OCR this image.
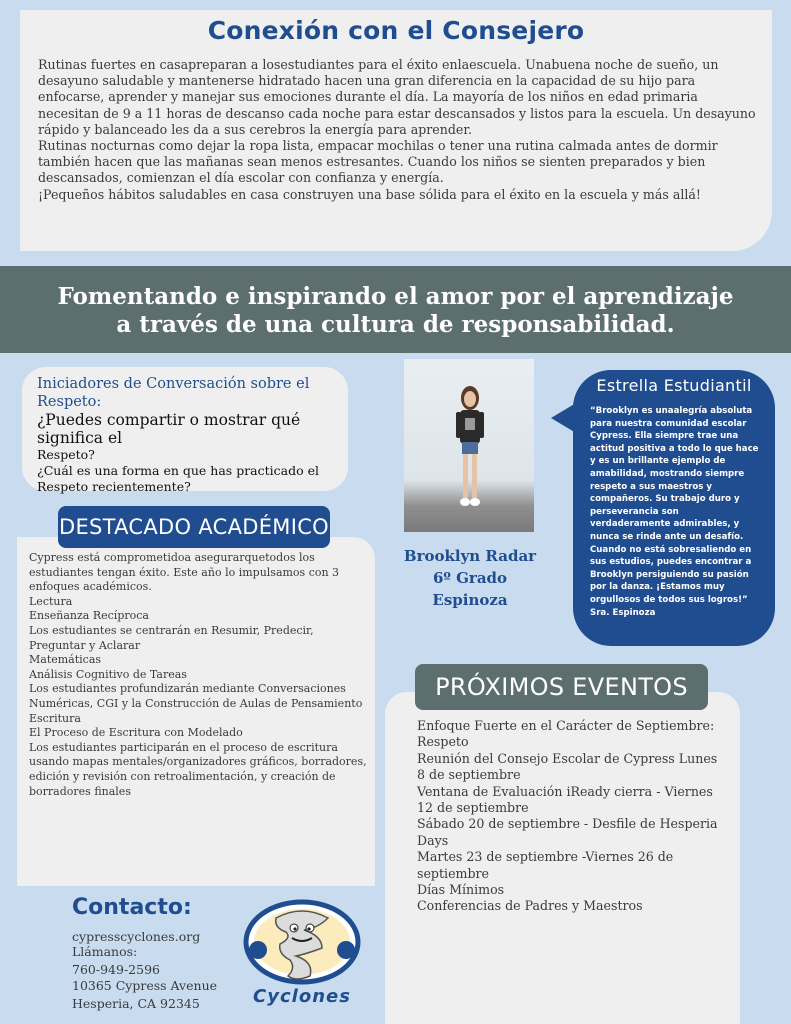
Conexión con el Consejero

Rutinas fuertes en casapreparan a losestudiantes para el éxito enlaescuela. Unabuena noche de sueño, un desayuno saludable y mantenerse hidratado hacen una gran diferencia en la capacidad de su hijo para enfocarse, aprender y manejar sus emociones durante el día. La mayoría de los niños en edad primaria necesitan de 9 a 11 horas de descanso cada noche para estar descansados y listos para la escuela. Un desayuno rápido y balanceado les da a sus cerebros la energía para aprender.

Rutinas nocturnas como dejar la ropa lista, empacar mochilas o tener una rutina calmada antes de dormir también hacen que las mañanas sean menos estresantes. Cuando los niños se sienten preparados y bien descansados, comienzan el día escolar con confianza y energía.

¡Pequeños hábitos saludables en casa construyen una base sólida para el éxito en la escuela y más allá!

Fomentando e inspirando el amor por el aprendizaje
a través de una cultura de responsabilidad.
Iniciadores de Conversación sobre el Respeto:
¿Puedes compartir o mostrar qué significa el
Respeto?
¿Cuál es una forma en que has practicado el Respeto recientemente?
Brooklyn Radar
6º Grado
Espinoza
Estrella Estudiantil
“Brooklyn es unaalegría absoluta para nuestra comunidad escolar Cypress. Ella siempre trae una actitud positiva a todo lo que hace y es un brillante ejemplo de amabilidad, mostrando siempre respeto a sus maestros y compañeros. Su trabajo duro y perseverancia son verdaderamente admirables, y nunca se rinde ante un desafío. Cuando no está sobresaliendo en sus estudios, puedes encontrar a Brooklyn persiguiendo su pasión por la danza. ¡Estamos muy orgullosos de todos sus logros!”
Sra. Espinoza
DESTACADO ACADÉMICO
Cypress está comprometidoa asegurarquetodos los estudiantes tengan éxito. Este año lo impulsamos con 3 enfoques académicos.
Lectura
Enseñanza Recíproca
Los estudiantes se centrarán en Resumir, Predecir, Preguntar y Aclarar
Matemáticas
Análisis Cognitivo de Tareas
Los estudiantes profundizarán mediante Conversaciones Numéricas, CGI y la Construcción de Aulas de Pensamiento Escritura
El Proceso de Escritura con Modelado
Los estudiantes participarán en el proceso de escritura usando mapas mentales/organizadores gráficos, borradores, edición y revisión con retroalimentación, y creación de borradores finales
PRÓXIMOS EVENTOS
Enfoque Fuerte en el Carácter de Septiembre: Respeto
Reunión del Consejo Escolar de Cypress Lunes 8 de septiembre
Ventana de Evaluación iReady cierra - Viernes 12 de septiembre
Sábado 20 de septiembre - Desfile de Hesperia Days
Martes 23 de septiembre -Viernes 26 de septiembre
Días Mínimos
Conferencias de Padres y Maestros
Contacto:
cypresscyclones.org
Llámanos:
760-949-2596
10365 Cypress Avenue
Hesperia, CA 92345	Cyclones
